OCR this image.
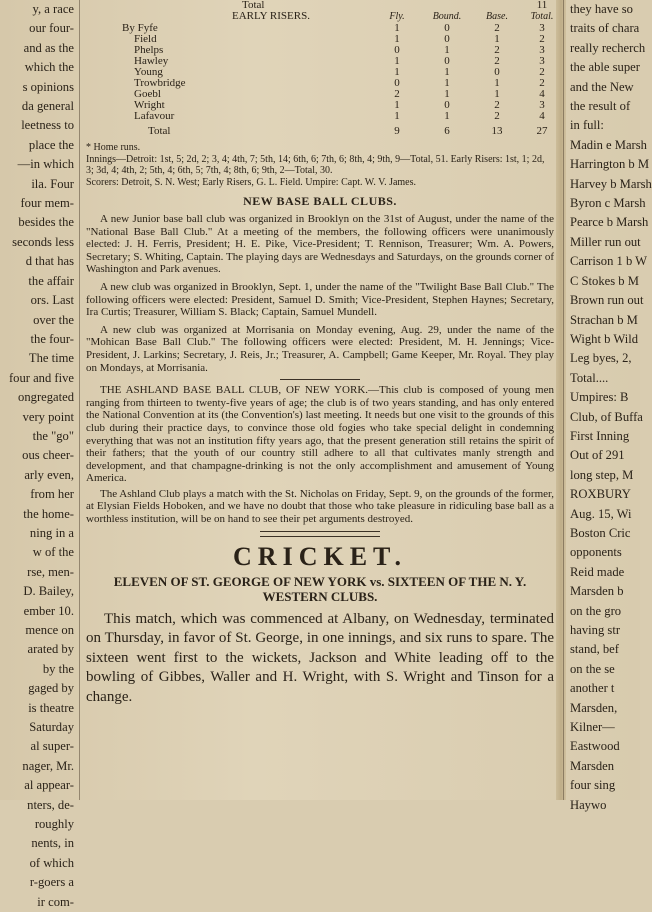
y, a race
our four-
and as the
which the
s opinions
da general
leetness to
place the
—in which
ila. Four
four mem-
besides the
seconds less
d that has
the affair
ors. Last
over the
the four-
The time
four and five
ongregated
very point
the "go"
ous cheer-
arly even,
from her
the home-
ning in a
w of the
rse, men-
D. Bailey,
ember 10.
mence on
arated by
by the
gaged by
is theatre
Saturday
al super-
nager, Mr.
al appear-
nters, de-
roughly
nents, in
of which
r-goers a
ir com-
Total	11
EARLY RISERS.	Fly.	Bound.	Base.	Total.
By Fyfe	1	0	2	3
Field	1	0	1	2
Phelps	0	1	2	3
Hawley	1	0	2	3
Young	1	1	0	2
Trowbridge	0	1	1	2
Goebl	2	1	1	4
Wright	1	0	2	3
Lafavour	1	1	2	4
Total	9	6	13	27
* Home runs.
Innings—Detroit: 1st, 5; 2d, 2; 3, 4; 4th, 7; 5th, 14; 6th, 6; 7th, 6; 8th, 4; 9th, 9—Total, 51. Early Risers: 1st, 1; 2d, 3; 3d, 4; 4th, 2; 5th, 4; 6th, 5; 7th, 4; 8th, 6; 9th, 2—Total, 30.
Scorers: Detroit, S. N. West; Early Risers, G. L. Field. Umpire: Capt. W. V. James.
NEW BASE BALL CLUBS.

A new Junior base ball club was organized in Brooklyn on the 31st of August, under the name of the "National Base Ball Club." At a meeting of the members, the following officers were unanimously elected: J. H. Ferris, President; H. E. Pike, Vice-President; T. Rennison, Treasurer; Wm. A. Powers, Secretary; S. Whiting, Captain. The playing days are Wednesdays and Saturdays, on the grounds corner of Washington and Park avenues.

A new club was organized in Brooklyn, Sept. 1, under the name of the "Twilight Base Ball Club." The following officers were elected: President, Samuel D. Smith; Vice-President, Stephen Haynes; Secretary, Ira Curtis; Treasurer, William S. Black; Captain, Samuel Mundell.

A new club was organized at Morrisania on Monday evening, Aug. 29, under the name of the "Mohican Base Ball Club." The following officers were elected: President, M. H. Jennings; Vice-President, J. Larkins; Secretary, J. Reis, Jr.; Treasurer, A. Campbell; Game Keeper, Mr. Royal. They play on Mondays, at Morrisania.

THE ASHLAND BASE BALL CLUB, OF NEW YORK.—This club is composed of young men ranging from thirteen to twenty-five years of age; the club is of two years standing, and has only entered the National Convention at its (the Convention's) last meeting. It needs but one visit to the grounds of this club during their practice days, to convince those old fogies who take special delight in condemning everything that was not an institution fifty years ago, that the present generation still retains the spirit of their fathers; that the youth of our country still adhere to all that cultivates manly strength and development, and that champagne-drinking is not the only accomplishment and amusement of Young America.

The Ashland Club plays a match with the St. Nicholas on Friday, Sept. 9, on the grounds of the former, at Elysian Fields Hoboken, and we have no doubt that those who take pleasure in ridiculing base ball as a worthless institution, will be on hand to see their pet arguments destroyed.

CRICKET.
ELEVEN OF ST. GEORGE OF NEW YORK vs. SIXTEEN OF THE N. Y. WESTERN CLUBS.

This match, which was commenced at Albany, on Wednesday, terminated on Thursday, in favor of St. George, in one innings, and six runs to spare. The sixteen went first to the wickets, Jackson and White leading off to the bowling of Gibbes, Waller and H. Wright, with S. Wright and Tinson for a change.

they have so
traits of chara
really recherch
the able super
and the New
the result of
in full:
Madin e Marsh
Harrington b M
Harvey b Marsh
Byron c Marsh
Pearce b Marsh
Miller run out
Carrison 1 b W
C Stokes b M
Brown run out
Strachan b M
Wight b Wild
Leg byes, 2,
Total....
Umpires: B
Club, of Buffa
First Inning
Out of 291
long step, M
ROXBURY
Aug. 15, Wi
Boston Cric
opponents
Reid made
Marsden b
on the gro
having str
stand, bef
on the se
another t
Marsden,
Kilner—
Eastwood
Marsden
four sing
Haywo
